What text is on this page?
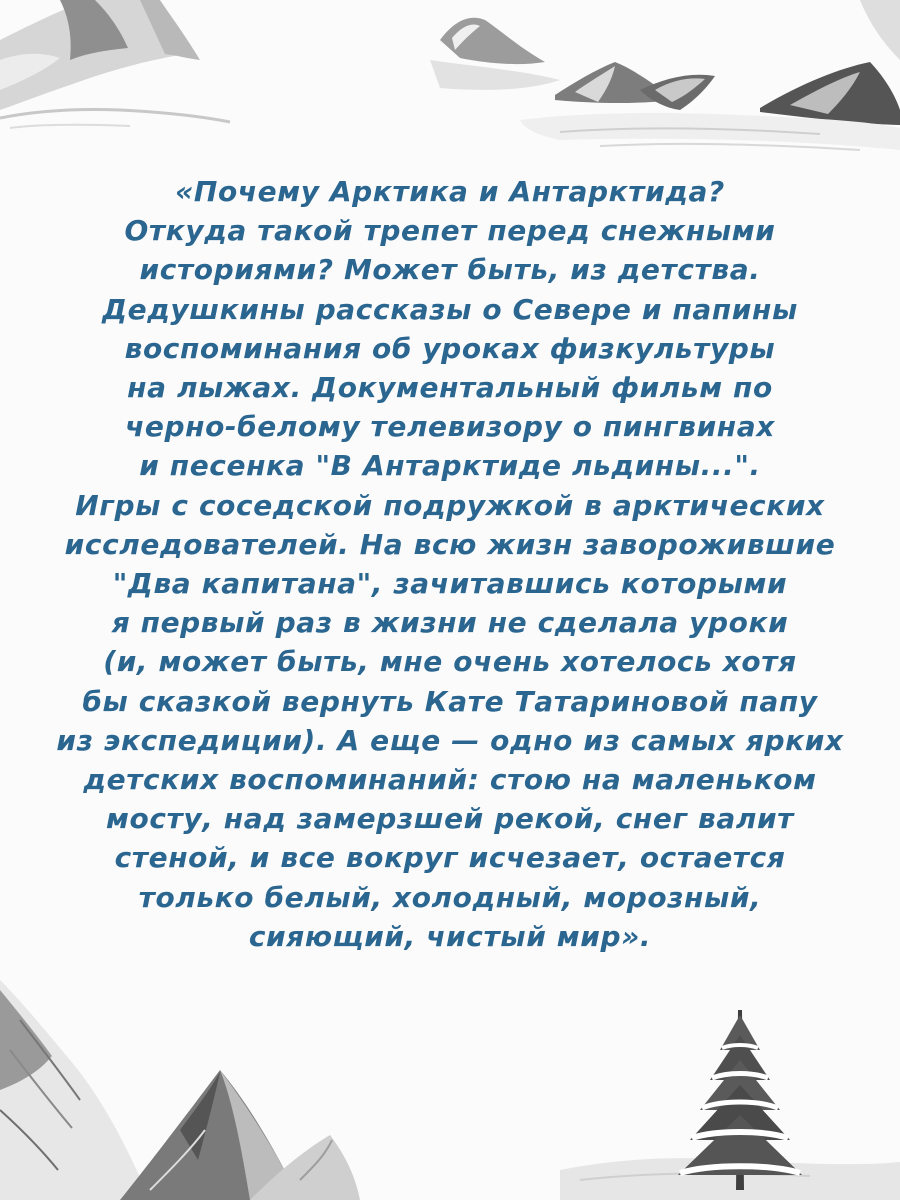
«Почему Арктика и Антарктида?
Откуда такой трепет перед снежными
историями? Может быть, из детства.
Дедушкины рассказы о Севере и папины
воспоминания об уроках физкультуры
на лыжах. Документальный фильм по
черно-белому телевизору о пингвинах
и песенка "В Антарктиде льдины...".
Игры с соседской подружкой в арктических
исследователей. На всю жизн заворожившие
"Два капитана", зачитавшись которыми
я первый раз в жизни не сделала уроки
(и, может быть, мне очень хотелось хотя
бы сказкой вернуть Кате Татариновой папу
из экспедиции). А еще — одно из самых ярких
детских воспоминаний: стою на маленьком
мосту, над замерзшей рекой, снег валит
стеной, и все вокруг исчезает, остается
только белый, холодный, морозный,
сияющий, чистый мир».
